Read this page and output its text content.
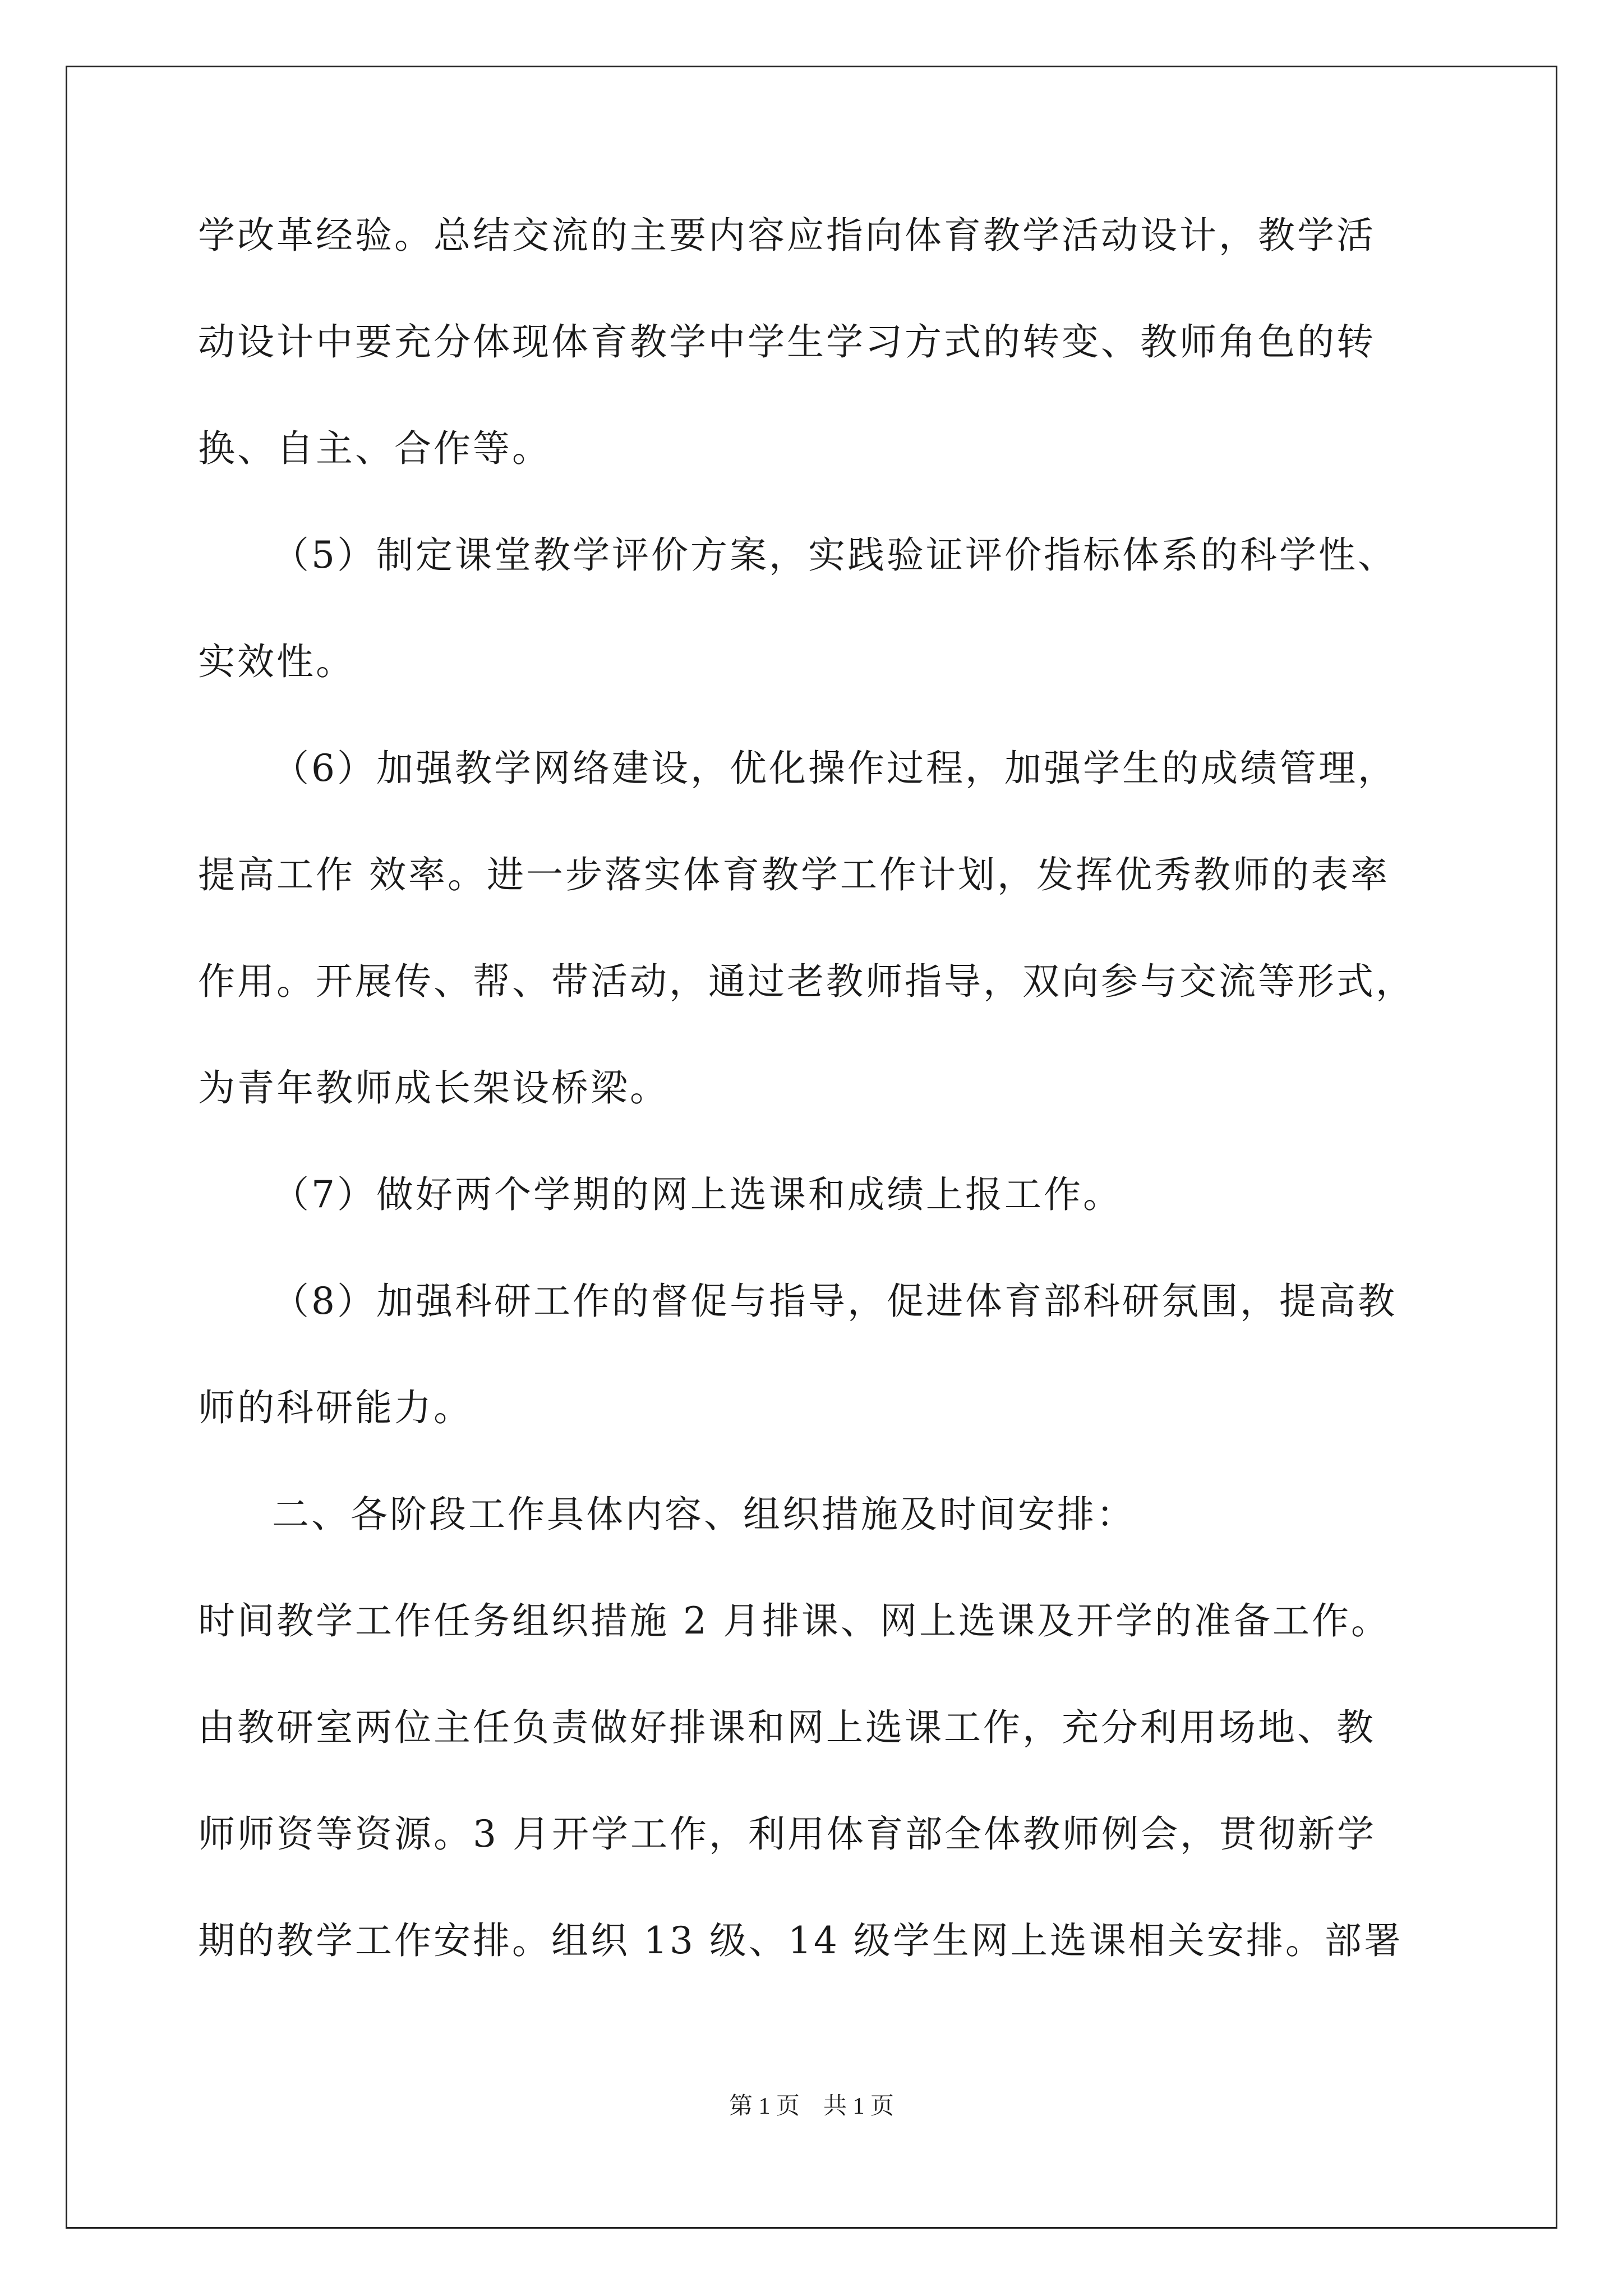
学改革经验。总结交流的主要内容应指向体育教学活动设计，教学活
动设计中要充分体现体育教学中学生学习方式的转变、教师角色的转
换、自主、合作等。
（5）制定课堂教学评价方案，实践验证评价指标体系的科学性、
实效性。
（6）加强教学网络建设，优化操作过程，加强学生的成绩管理，
提高工作 效率。进一步落实体育教学工作计划，发挥优秀教师的表率
作用。开展传、帮、带活动，通过老教师指导，双向参与交流等形式，
为青年教师成长架设桥梁。
（7）做好两个学期的网上选课和成绩上报工作。
（8）加强科研工作的督促与指导，促进体育部科研氛围，提高教
师的科研能力。
二、各阶段工作具体内容、组织措施及时间安排：
时间教学工作任务组织措施 2 月排课、网上选课及开学的准备工作。
由教研室两位主任负责做好排课和网上选课工作，充分利用场地、教
师师资等资源。3 月开学工作，利用体育部全体教师例会，贯彻新学
期的教学工作安排。组织 13 级、14 级学生网上选课相关安排。部署
第 1 页　共 1 页
